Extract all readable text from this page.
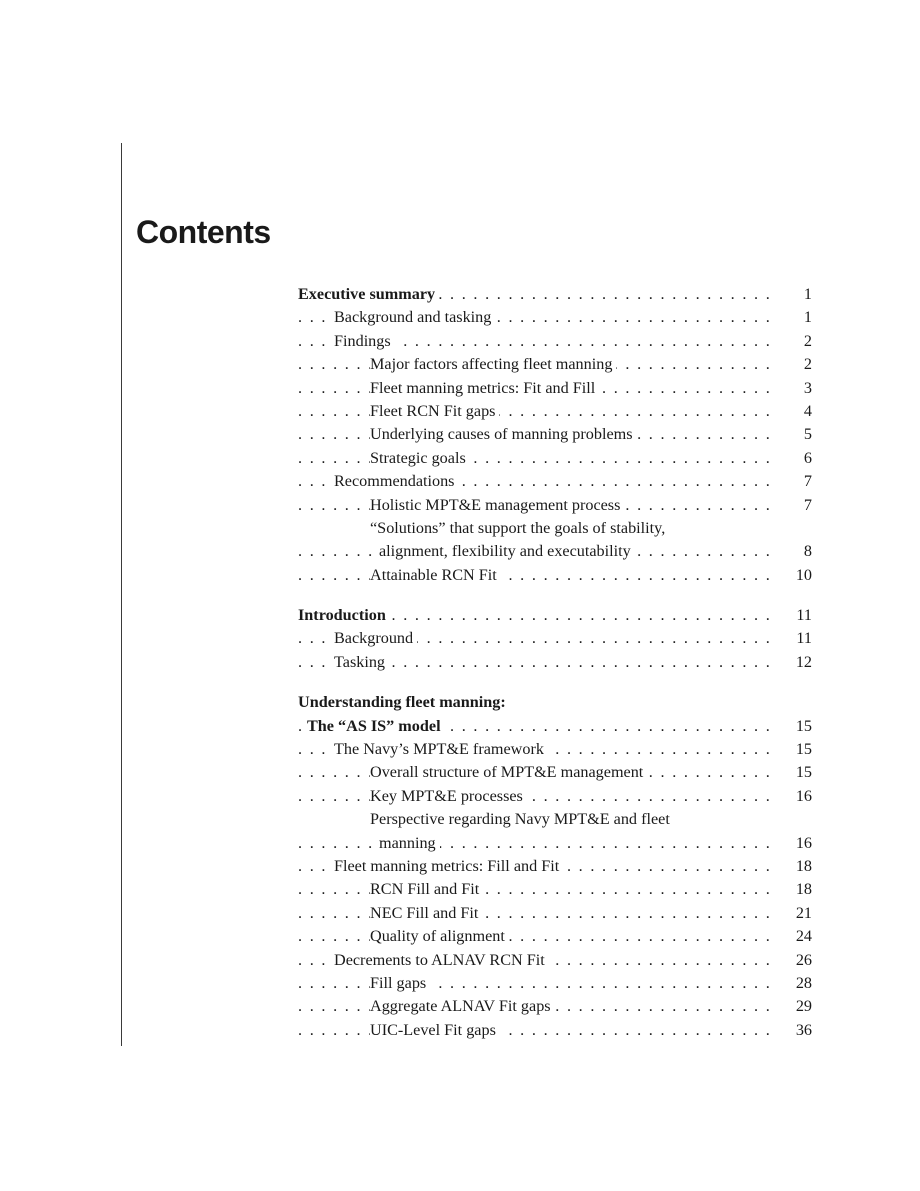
Contents
Executive summary . . .	1
Background and tasking . . .	1
Findings . . .	2
Major factors affecting fleet manning . . .	2
Fleet manning metrics: Fit and Fill . . .	3
Fleet RCN Fit gaps . . .	4
Underlying causes of manning problems . . .	5
Strategic goals . . .	6
Recommendations . . .	7
Holistic MPT&E management process . . .	7
“Solutions” that support the goals of stability,
alignment, flexibility and executability . . .	8
Attainable RCN Fit . . .	10
Introduction . . .	11
Background . . .	11
Tasking . . .	12
Understanding fleet manning:
The “AS IS” model . . .	15
The Navy’s MPT&E framework . . .	15
Overall structure of MPT&E management . . .	15
Key MPT&E processes . . .	16
Perspective regarding Navy MPT&E and fleet
manning . . .	16
Fleet manning metrics: Fill and Fit . . .	18
RCN Fill and Fit . . .	18
NEC Fill and Fit . . .	21
Quality of alignment . . .	24
Decrements to ALNAV RCN Fit . . .	26
Fill gaps . . .	28
Aggregate ALNAV Fit gaps . . .	29
UIC-Level Fit gaps . . .	36
